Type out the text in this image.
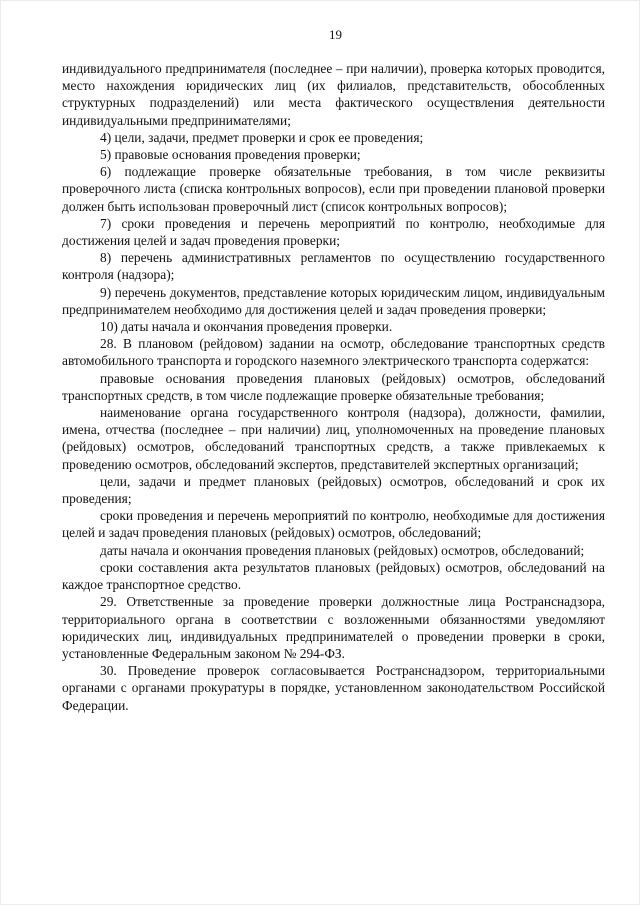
19

индивидуального предпринимателя (последнее – при наличии), проверка которых проводится, место нахождения юридических лиц (их филиалов, представительств, обособленных структурных подразделений) или места фактического осуществления деятельности индивидуальными предпринимателями;

4) цели, задачи, предмет проверки и срок ее проведения;

5) правовые основания проведения проверки;

6) подлежащие проверке обязательные требования, в том числе реквизиты проверочного листа (списка контрольных вопросов), если при проведении плановой проверки должен быть использован проверочный лист (список контрольных вопросов);

7) сроки проведения и перечень мероприятий по контролю, необходимые для достижения целей и задач проведения проверки;

8) перечень административных регламентов по осуществлению государственного контроля (надзора);

9) перечень документов, представление которых юридическим лицом, индивидуальным предпринимателем необходимо для достижения целей и задач проведения проверки;

10) даты начала и окончания проведения проверки.

28. В плановом (рейдовом) задании на осмотр, обследование транспортных средств автомобильного транспорта и городского наземного электрического транспорта содержатся:

правовые основания проведения плановых (рейдовых) осмотров, обследований транспортных средств, в том числе подлежащие проверке обязательные требования;

наименование органа государственного контроля (надзора), должности, фамилии, имена, отчества (последнее – при наличии) лиц, уполномоченных на проведение плановых (рейдовых) осмотров, обследований транспортных средств, а также привлекаемых к проведению осмотров, обследований экспертов, представителей экспертных организаций;

цели, задачи и предмет плановых (рейдовых) осмотров, обследований и срок их проведения;

сроки проведения и перечень мероприятий по контролю, необходимые для достижения целей и задач проведения плановых (рейдовых) осмотров, обследований;

даты начала и окончания проведения плановых (рейдовых) осмотров, обследований;

сроки составления акта результатов плановых (рейдовых) осмотров, обследований на каждое транспортное средство.

29. Ответственные за проведение проверки должностные лица Ространснадзора, территориального органа в соответствии с возложенными обязанностями уведомляют юридических лиц, индивидуальных предпринимателей о проведении проверки в сроки, установленные Федеральным законом № 294-ФЗ.

30. Проведение проверок согласовывается Ространснадзором, территориальными органами с органами прокуратуры в порядке, установленном законодательством Российской Федерации.
